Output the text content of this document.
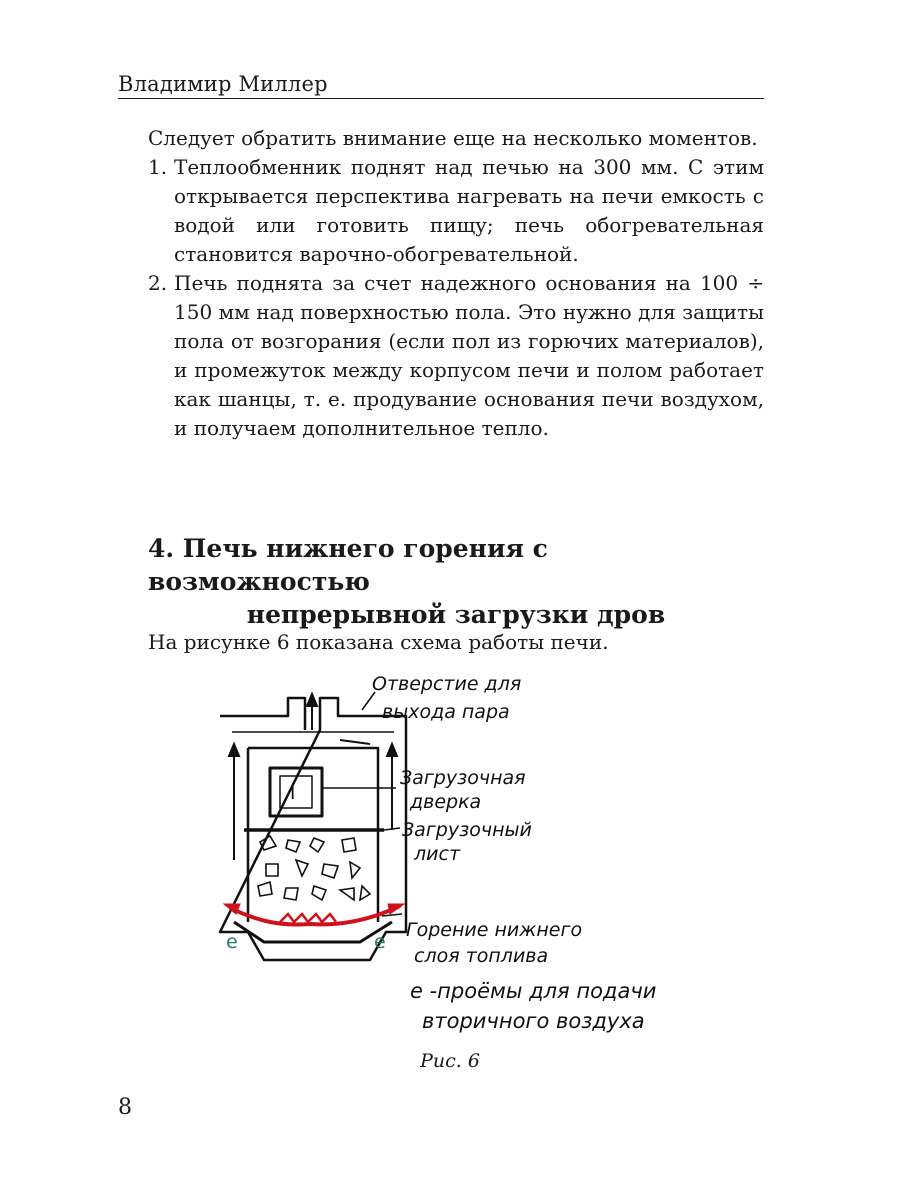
Владимир Миллер

Следует обратить внимание еще на несколько моментов.

1. Теплообменник поднят над печью на 300 мм. С этим открывается перспектива нагревать на печи емкость с водой или готовить пищу; печь обогревательная становится варочно-обогревательной.
2. Печь поднята за счет надежного основания на 100 ÷ 150 мм над поверхностью пола. Это нужно для защиты пола от возгорания (если пол из горючих материалов), и промежуток между корпусом печи и полом работает как шанцы, т. е. продувание основания печи воздухом, и получаем дополнительное тепло.
4. Печь нижнего горения с возможностью
непрерывной загрузки дров

На рисунке 6 показана схема работы печи.

I
e	e
Отверстие для
выхода пара
Загрузочная
дверка
Загрузочный
лист
Горение нижнего
слоя топлива
е -проёмы для подачи
вторичного воздуха
Рис. 6
8
